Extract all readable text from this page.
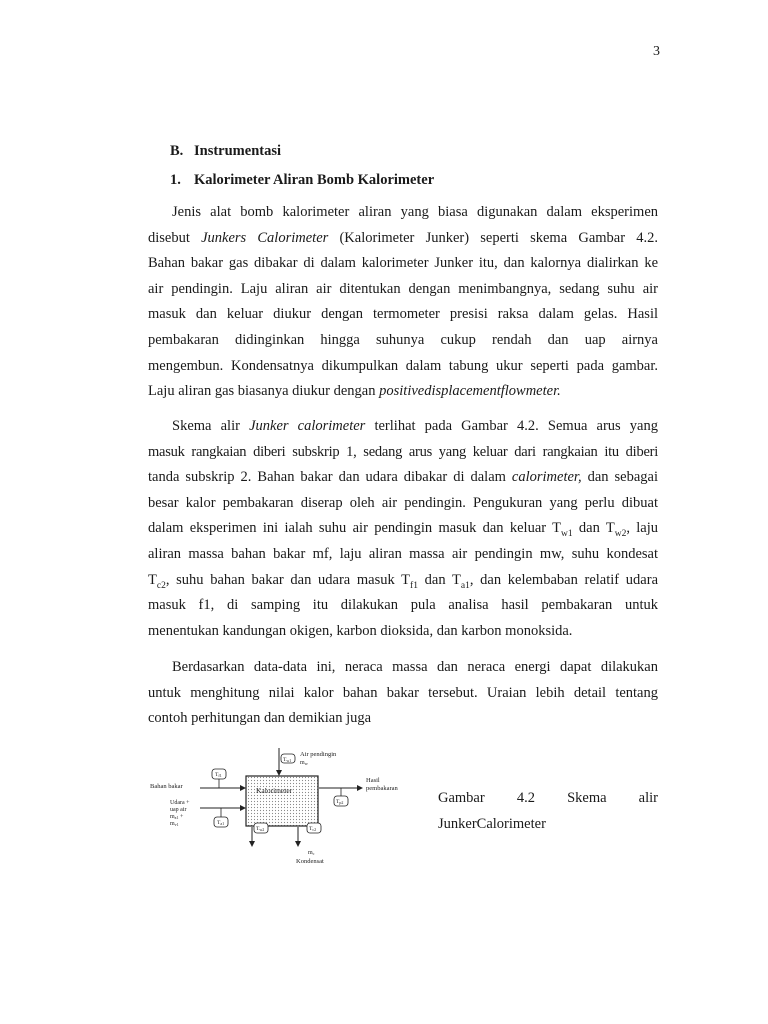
3
B. Instrumentasi
1. Kalorimeter Aliran Bomb Kalorimeter
Jenis alat bomb kalorimeter aliran yang biasa digunakan dalam eksperimen
disebut Junkers Calorimeter (Kalorimeter Junker) seperti skema Gambar 4.2.
Bahan bakar gas dibakar di dalam kalorimeter Junker itu, dan kalornya dialirkan ke
air pendingin. Laju aliran air ditentukan dengan menimbangnya, sedang suhu air
masuk dan keluar diukur dengan termometer presisi raksa dalam gelas. Hasil
pembakaran didinginkan hingga suhunya cukup rendah dan uap airnya
mengembun. Kondensatnya dikumpulkan dalam tabung ukur seperti pada gambar.
Laju aliran gas biasanya diukur dengan positivedisplacementflowmeter.
Skema alir Junker calorimeter terlihat pada Gambar 4.2. Semua arus yang
masuk rangkaian diberi subskrip 1, sedang arus yang keluar dari rangkaian itu diberi
tanda subskrip 2. Bahan bakar dan udara dibakar di dalam calorimeter, dan sebagai
besar kalor pembakaran diserap oleh air pendingin. Pengukuran yang perlu dibuat
dalam eksperimen ini ialah suhu air pendingin masuk dan keluar $T_{w1}$ dan $T_{w2}$, laju
aliran massa bahan bakar mf, laju aliran massa air pendingin mw, suhu kondesat
$T_{c2}$, suhu bahan bakar dan udara masuk $T_{f1}$ dan $T_{a1}$, dan kelembaban relatif udara
masuk f1, di samping itu dilakukan pula analisa hasil pembakaran untuk
menentukan kandungan okigen, karbon dioksida, dan karbon monoksida.
Berdasarkan data-data ini, neraca massa dan neraca energi dapat dilakukan
untuk menghitung nilai kalor bahan bakar tersebut. Uraian lebih detail tentang
contoh perhitungan dan demikian juga
Kalorimeter
Tw1
Air pendingin
mw
Bahan bakar
Tf1
Udara +
uap air
ma1 +
mv1	Ta1
Hasil
pembakaran
Tp2
Tw2	Tc2
mc
Kondensat
Gambar 4.2 Skema alir
JunkerCalorimeter
